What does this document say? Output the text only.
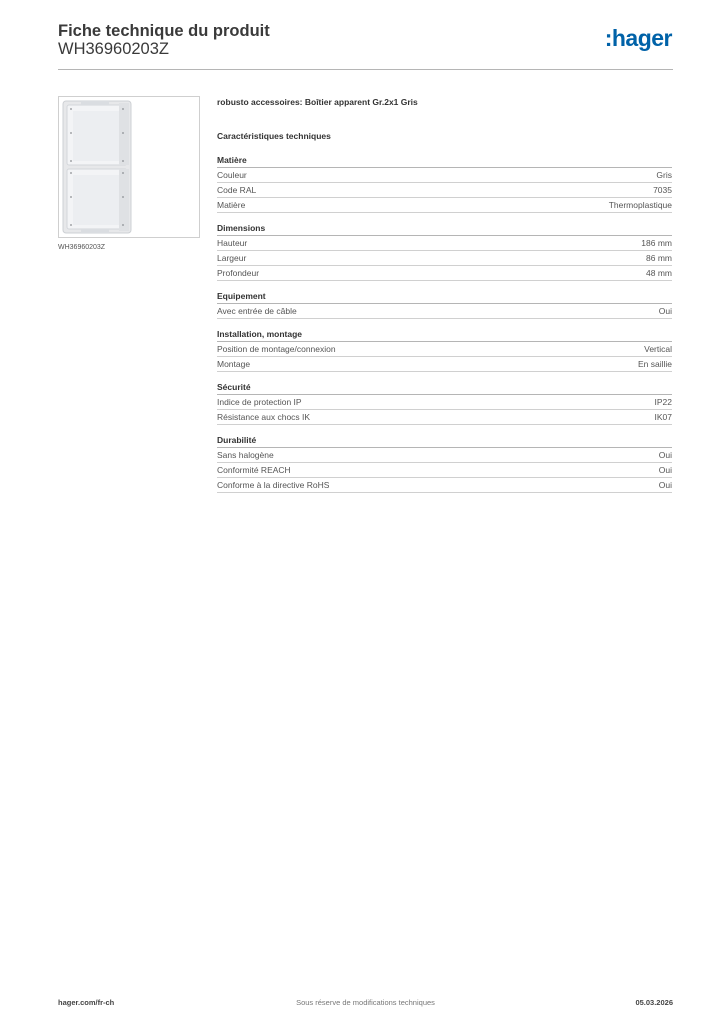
Fiche technique du produit
WH36960203Z	:hager
WH36960203Z
robusto accessoires: Boîtier apparent Gr.2x1 Gris
Caractéristiques techniques
Matière
Couleur	Gris
Code RAL	7035
Matière	Thermoplastique
Dimensions
Hauteur	186 mm
Largeur	86 mm
Profondeur	48 mm
Equipement
Avec entrée de câble	Oui
Installation, montage
Position de montage/connexion	Vertical
Montage	En saillie
Sécurité
Indice de protection IP	IP22
Résistance aux chocs IK	IK07
Durabilité
Sans halogène	Oui
Conformité REACH	Oui
Conforme à la directive RoHS	Oui
hager.com/fr-ch	Sous réserve de modifications techniques	05.03.2026
